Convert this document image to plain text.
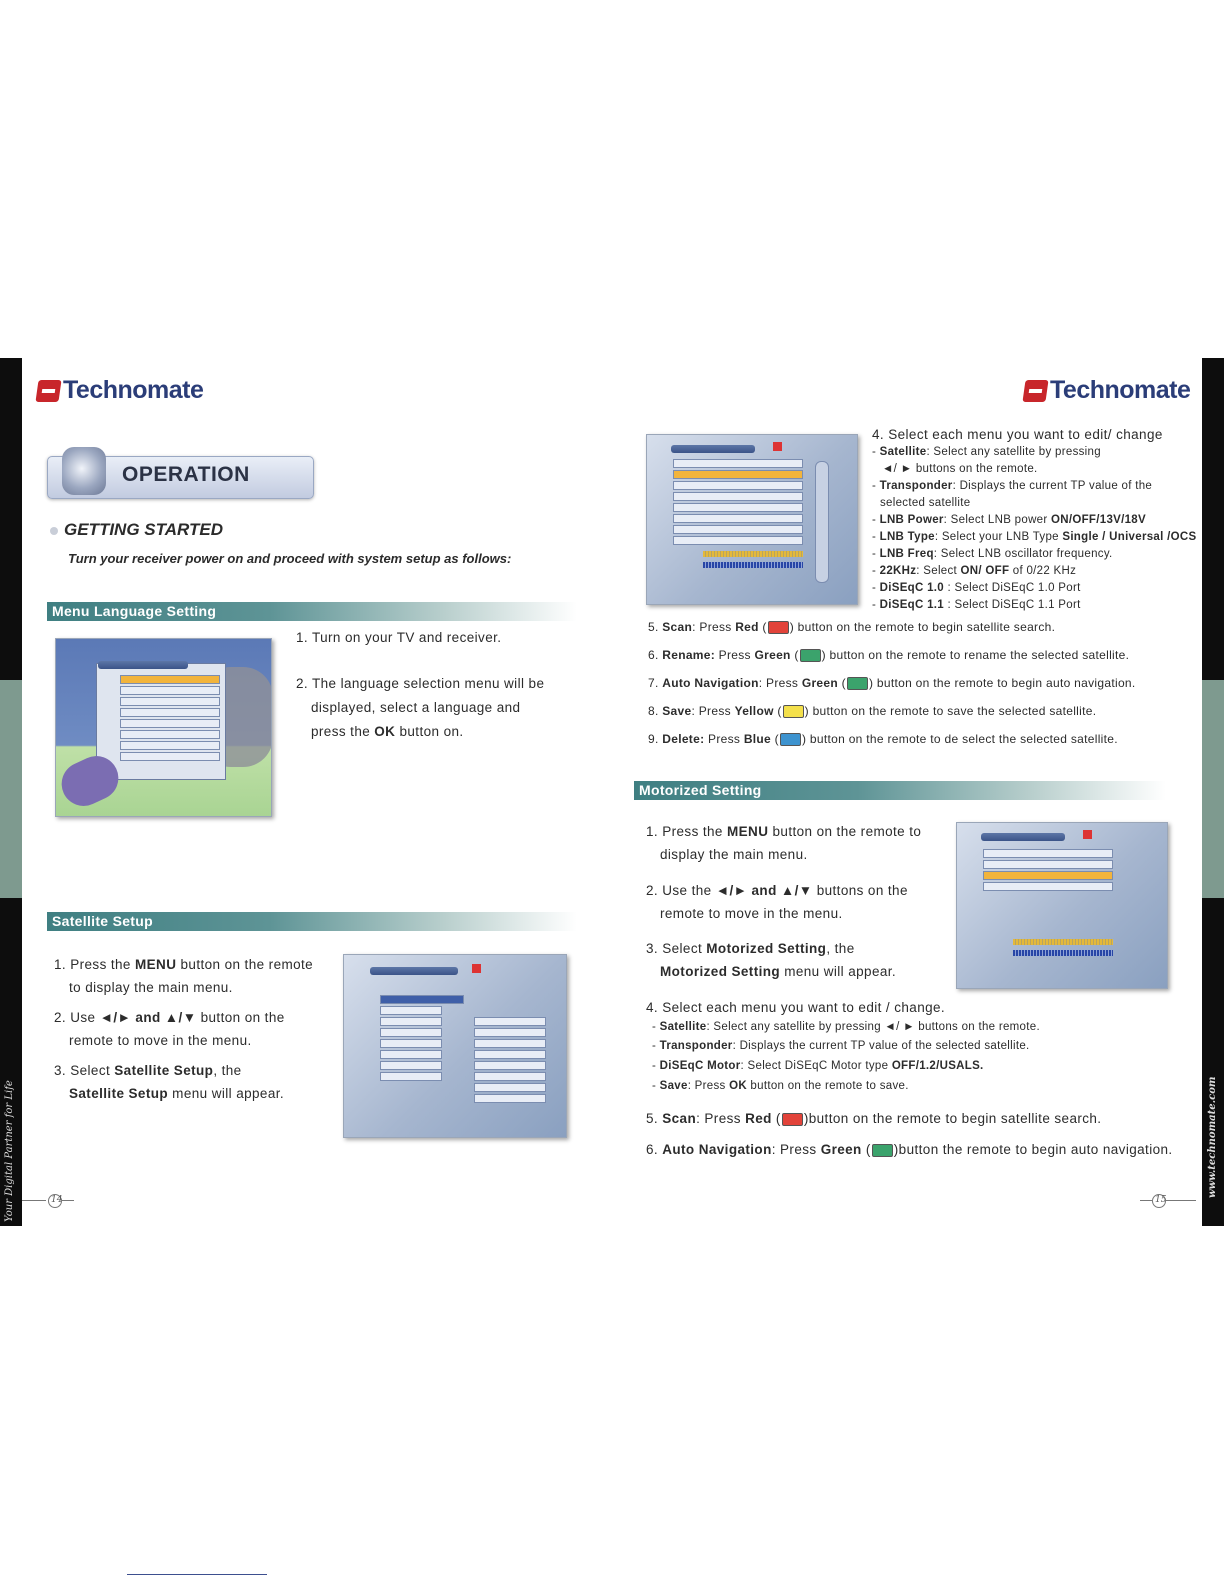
Your Digital Partner for Life	www.technomate.com
Technomate	Technomate
OPERATION
GETTING STARTED
Turn your receiver power on and proceed with system setup as follows:
Menu Language Setting
1. Turn on your TV and receiver.
2. The language selection menu will be
displayed, select a language and
press the OK button on.
Satellite Setup
1. Press the MENU button on the remote
to display the main menu.
2. Use ◄/► and ▲/▼ button on the
remote to move in the menu.
3. Select Satellite Setup, the
Satellite Setup menu will appear.
14
4. Select each menu you want to edit/ change
- Satellite: Select any satellite by pressing
◄/ ► buttons on the remote.
- Transponder: Displays the current TP value of the
selected satellite
- LNB Power: Select LNB power ON/OFF/13V/18V
- LNB Type: Select your LNB Type Single / Universal /OCS
- LNB Freq: Select LNB oscillator frequency.
- 22KHz: Select ON/ OFF of 0/22 KHz
- DiSEqC 1.0 : Select DiSEqC 1.0 Port
- DiSEqC 1.1 : Select DiSEqC 1.1 Port
5. Scan: Press Red ( ) button on the remote to begin satellite search.
6. Rename: Press Green ( ) button on the remote to rename the selected satellite.
7. Auto Navigation: Press Green ( ) button on the remote to begin auto navigation.
8. Save: Press Yellow ( ) button on the remote to save the selected satellite.
9. Delete: Press Blue ( ) button on the remote to de select the selected satellite.
Motorized Setting
1. Press the MENU button on the remote to
display the main menu.
2. Use the ◄/► and ▲/▼ buttons on the
remote to move in the menu.
3. Select Motorized Setting, the
Motorized Setting menu will appear.
4. Select each menu you want to edit / change.
- Satellite: Select any satellite by pressing ◄/ ► buttons on the remote.
- Transponder: Displays the current TP value of the selected satellite.
- DiSEqC Motor: Select DiSEqC Motor type OFF/1.2/USALS.
- Save: Press OK button on the remote to save.
5. Scan: Press Red ( )button on the remote to begin satellite search.
6. Auto Navigation: Press Green ( )button the remote to begin auto navigation.
15
